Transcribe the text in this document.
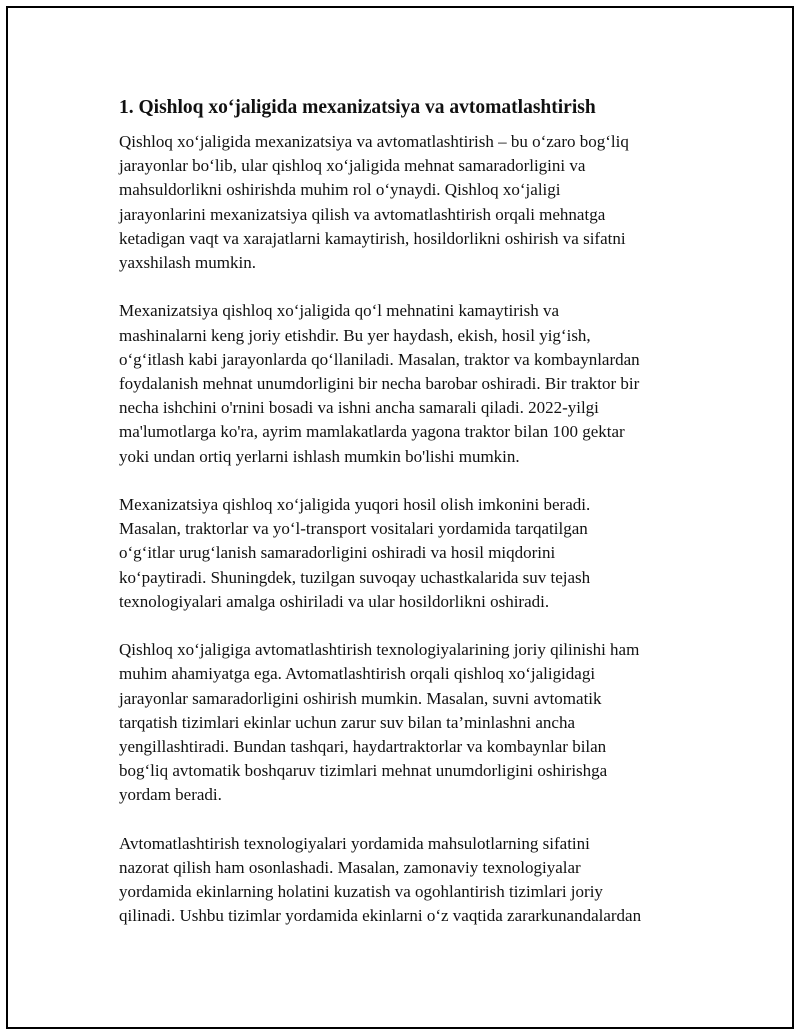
1. Qishloq xo‘jaligida mexanizatsiya va avtomatlashtirish

Qishloq xo‘jaligida mexanizatsiya va avtomatlashtirish – bu o‘zaro bog‘liq
jarayonlar bo‘lib, ular qishloq xo‘jaligida mehnat samaradorligini va
mahsuldorlikni oshirishda muhim rol o‘ynaydi. Qishloq xo‘jaligi
jarayonlarini mexanizatsiya qilish va avtomatlashtirish orqali mehnatga
ketadigan vaqt va xarajatlarni kamaytirish, hosildorlikni oshirish va sifatni
yaxshilash mumkin.

Mexanizatsiya qishloq xo‘jaligida qo‘l mehnatini kamaytirish va
mashinalarni keng joriy etishdir. Bu yer haydash, ekish, hosil yig‘ish,
o‘g‘itlash kabi jarayonlarda qo‘llaniladi. Masalan, traktor va kombaynlardan
foydalanish mehnat unumdorligini bir necha barobar oshiradi. Bir traktor bir
necha ishchini o'rnini bosadi va ishni ancha samarali qiladi. 2022-yilgi
ma'lumotlarga ko'ra, ayrim mamlakatlarda yagona traktor bilan 100 gektar
yoki undan ortiq yerlarni ishlash mumkin bo'lishi mumkin.

Mexanizatsiya qishloq xo‘jaligida yuqori hosil olish imkonini beradi.
Masalan, traktorlar va yo‘l-transport vositalari yordamida tarqatilgan
o‘g‘itlar urug‘lanish samaradorligini oshiradi va hosil miqdorini
ko‘paytiradi. Shuningdek, tuzilgan suvoqay uchastkalarida suv tejash
texnologiyalari amalga oshiriladi va ular hosildorlikni oshiradi.

Qishloq xo‘jaligiga avtomatlashtirish texnologiyalarining joriy qilinishi ham
muhim ahamiyatga ega. Avtomatlashtirish orqali qishloq xo‘jaligidagi
jarayonlar samaradorligini oshirish mumkin. Masalan, suvni avtomatik
tarqatish tizimlari ekinlar uchun zarur suv bilan ta’minlashni ancha
yengillashtiradi. Bundan tashqari, haydartraktorlar va kombaynlar bilan
bog‘liq avtomatik boshqaruv tizimlari mehnat unumdorligini oshirishga
yordam beradi.

Avtomatlashtirish texnologiyalari yordamida mahsulotlarning sifatini
nazorat qilish ham osonlashadi. Masalan, zamonaviy texnologiyalar
yordamida ekinlarning holatini kuzatish va ogohlantirish tizimlari joriy
qilinadi. Ushbu tizimlar yordamida ekinlarni o‘z vaqtida zararkunandalardan
